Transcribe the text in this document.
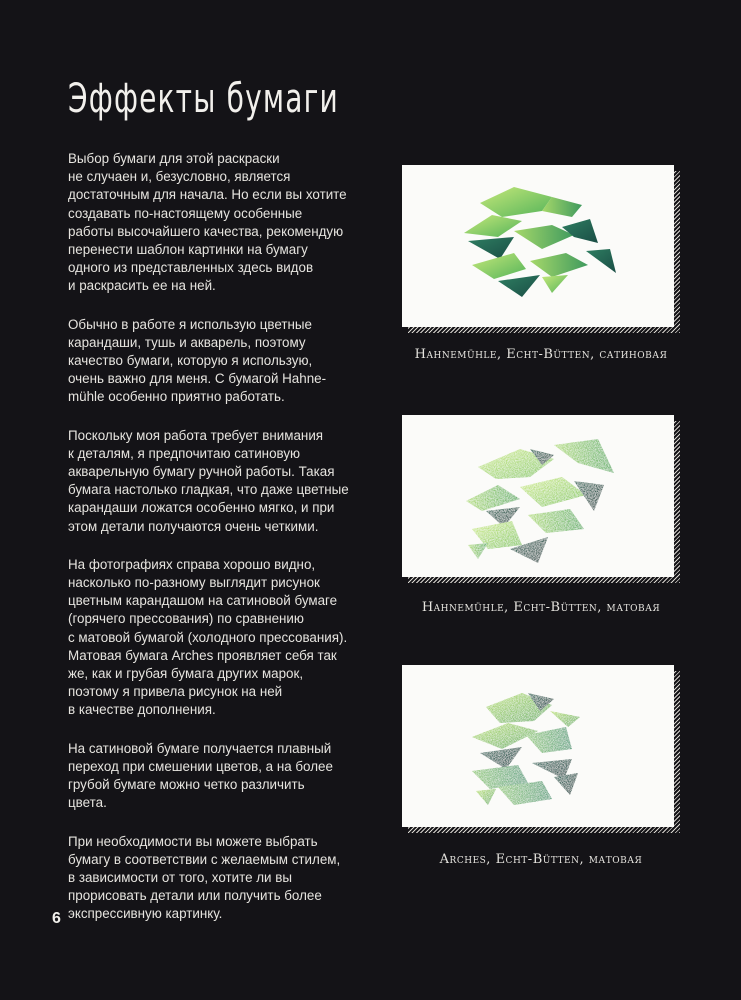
Эффекты бумаги

Выбор бумаги для этой раскраски
не случаен и, безусловно, является
достаточным для начала. Но если вы хотите
создавать по-настоящему особенные
работы высочайшего качества, рекомендую
перенести шаблон картинки на бумагу
одного из представленных здесь видов
и раскрасить ее на ней.

Обычно в работе я использую цветные
карандаши, тушь и акварель, поэтому
качество бумаги, которую я использую,
очень важно для меня. С бумагой Hahne-
mühle особенно приятно работать.

Поскольку моя работа требует внимания
к деталям, я предпочитаю сатиновую
акварельную бумагу ручной работы. Такая
бумага настолько гладкая, что даже цветные
карандаши ложатся особенно мягко, и при
этом детали получаются очень четкими.

На фотографиях справа хорошо видно,
насколько по-разному выглядит рисунок
цветным карандашом на сатиновой бумаге
(горячего прессования) по сравнению
с матовой бумагой (холодного прессования).
Матовая бумага Arches проявляет себя так
же, как и грубая бумага других марок,
поэтому я привела рисунок на ней
в качестве дополнения.

На сатиновой бумаге получается плавный
переход при смешении цветов, а на более
грубой бумаге можно четко различить
цвета.

При необходимости вы можете выбрать
бумагу в соответствии с желаемым стилем,
в зависимости от того, хотите ли вы
прорисовать детали или получить более
экспрессивную картинку.

6
Hahnemühle, Echt-Bütten, сатиновая
Hahnemühle, Echt-Bütten, матовая
Arches, Echt-Bütten, матовая
